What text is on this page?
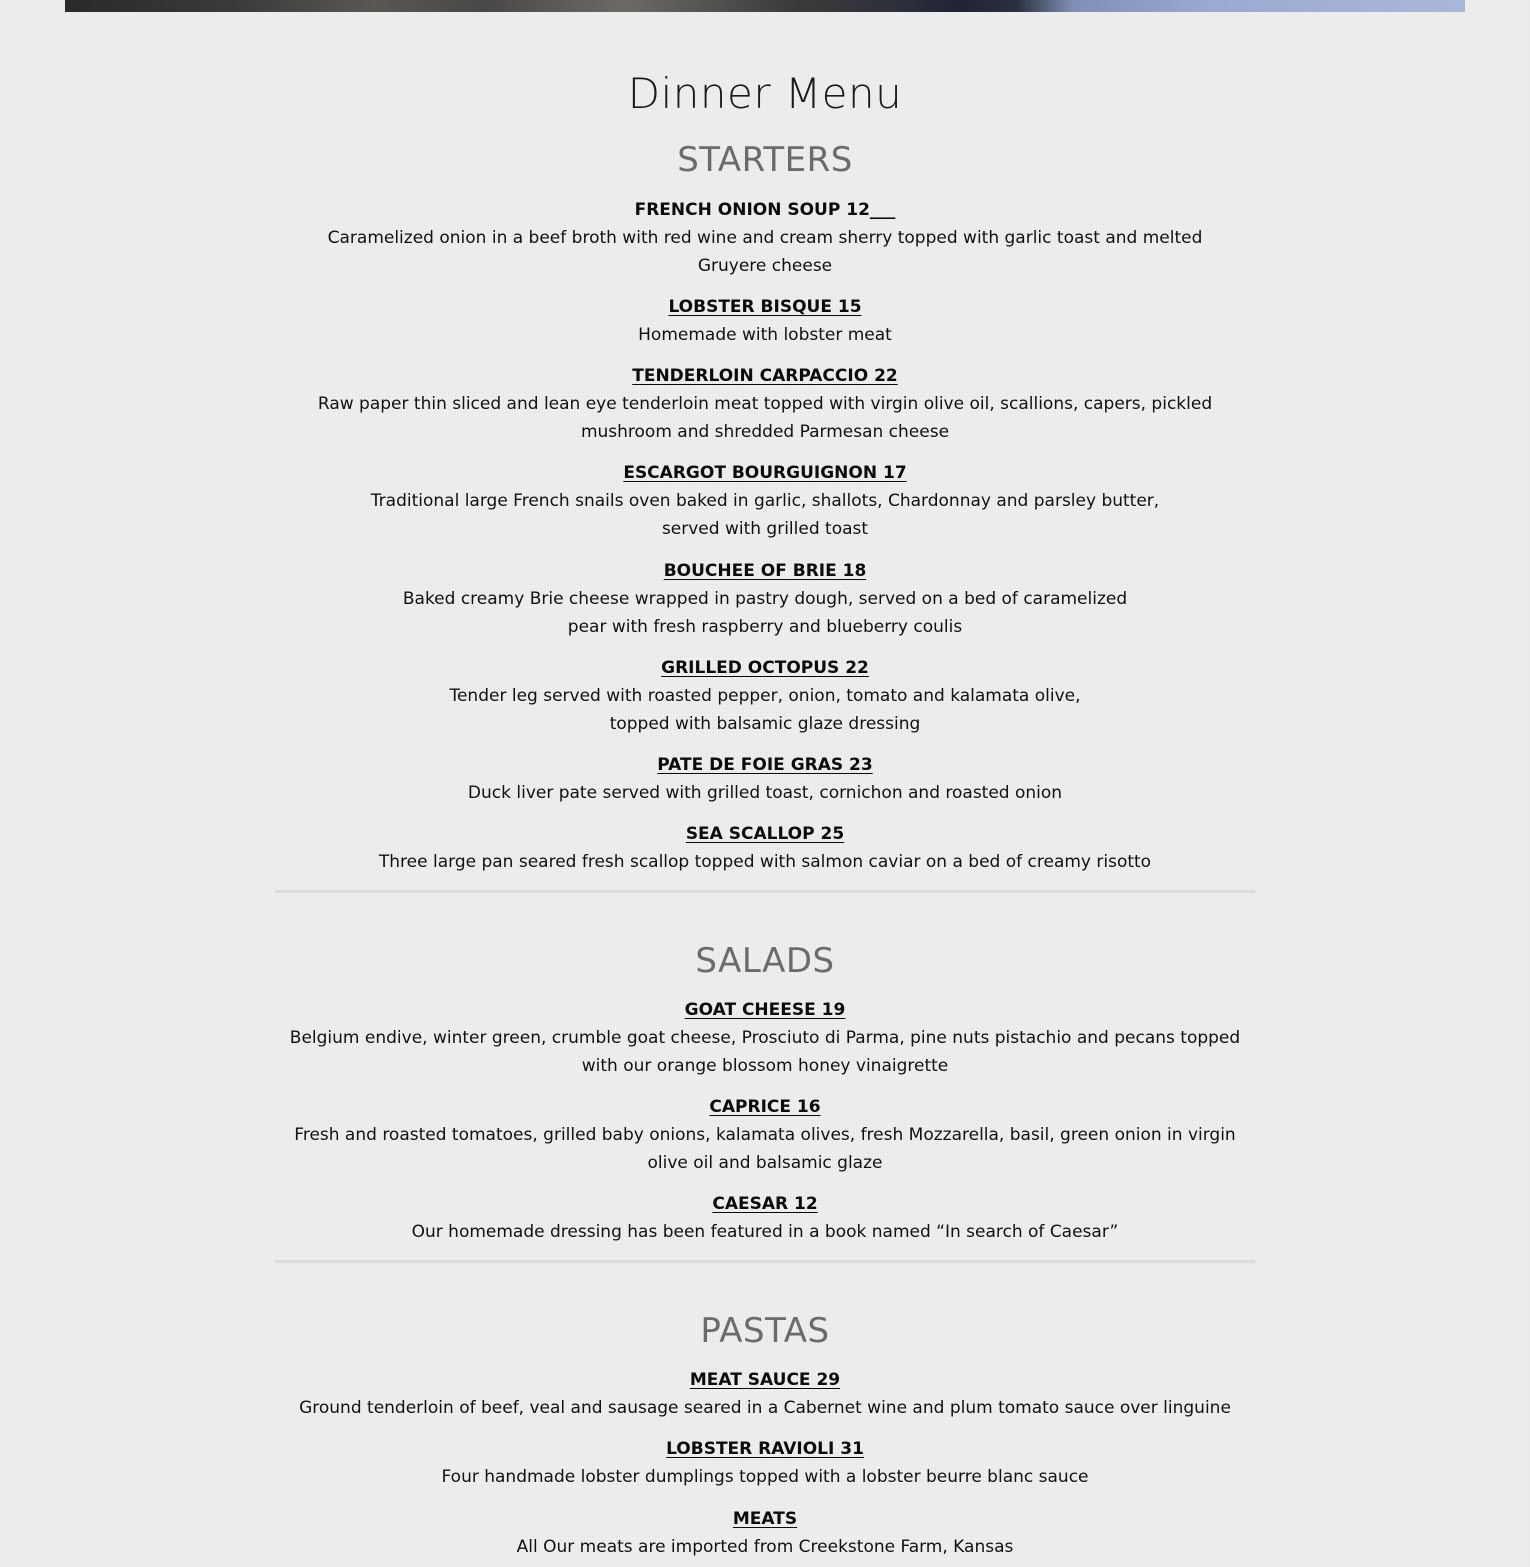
Dinner Menu
STARTERS
FRENCH ONION SOUP 12___
Caramelized onion in a beef broth with red wine and cream sherry topped with garlic toast and melted Gruyere cheese
LOBSTER BISQUE 15
Homemade with lobster meat
TENDERLOIN CARPACCIO 22
Raw paper thin sliced and lean eye tenderloin meat topped with virgin olive oil, scallions, capers, pickled mushroom and shredded Parmesan cheese
ESCARGOT BOURGUIGNON 17
Traditional large French snails oven baked in garlic, shallots, Chardonnay and parsley butter, served with grilled toast
BOUCHEE OF BRIE 18
Baked creamy Brie cheese wrapped in pastry dough, served on a bed of caramelized pear with fresh raspberry and blueberry coulis
GRILLED OCTOPUS 22
Tender leg served with roasted pepper, onion, tomato and kalamata olive, topped with balsamic glaze dressing
PATE DE FOIE GRAS 23
Duck liver pate served with grilled toast, cornichon and roasted onion
SEA SCALLOP 25
Three large pan seared fresh scallop topped with salmon caviar on a bed of creamy risotto
SALADS
GOAT CHEESE 19
Belgium endive, winter green, crumble goat cheese, Prosciuto di Parma, pine nuts pistachio and pecans topped with our orange blossom honey vinaigrette
CAPRICE 16
Fresh and roasted tomatoes, grilled baby onions, kalamata olives, fresh Mozzarella, basil, green onion in virgin olive oil and balsamic glaze
CAESAR 12
Our homemade dressing has been featured in a book named “In search of Caesar”
PASTAS
MEAT SAUCE 29
Ground tenderloin of beef, veal and sausage seared in a Cabernet wine and plum tomato sauce over linguine
LOBSTER RAVIOLI 31
Four handmade lobster dumplings topped with a lobster beurre blanc sauce
MEATS
All Our meats are imported from Creekstone Farm, Kansas
